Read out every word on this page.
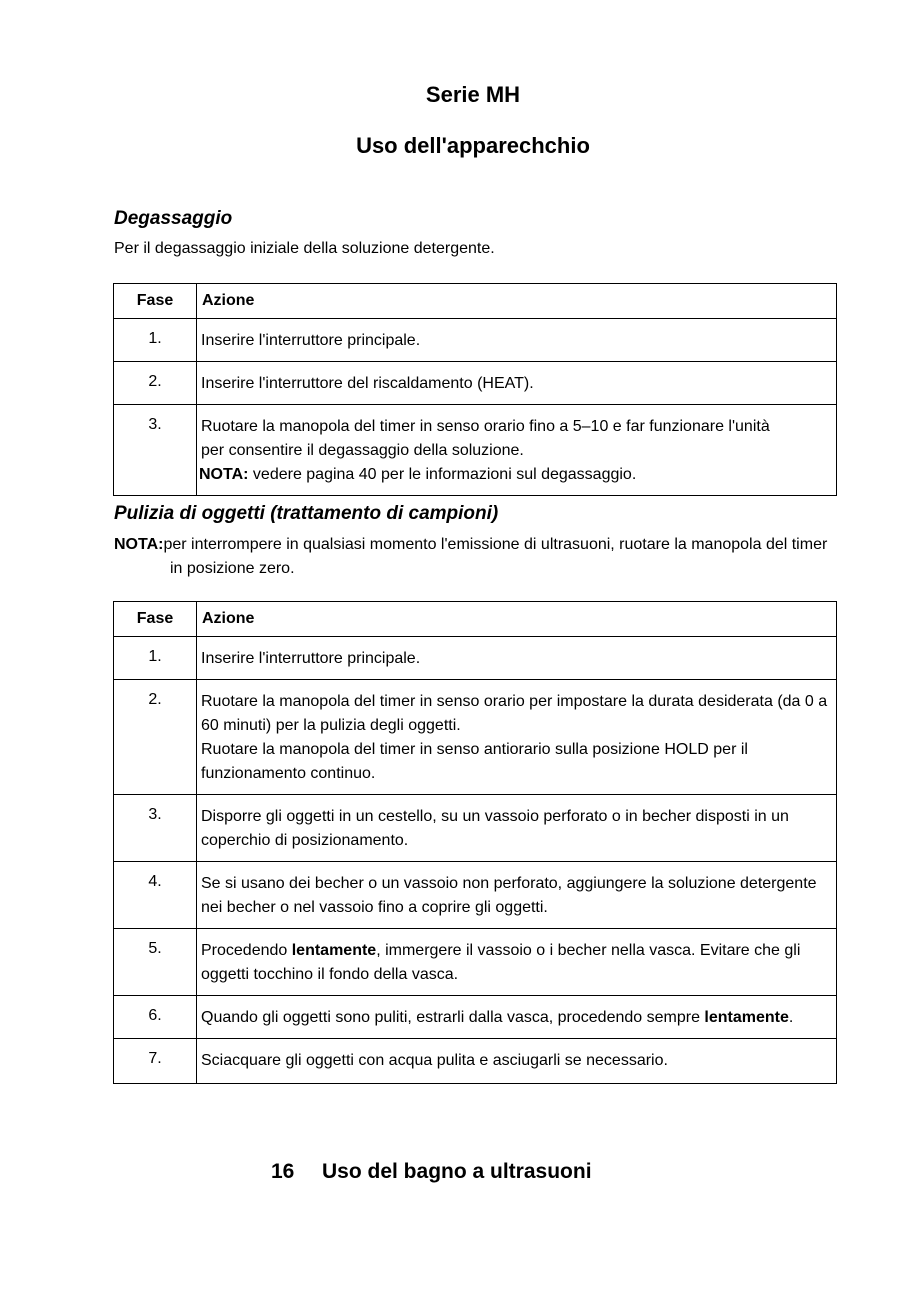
Serie MH
Uso dell'apparechchio
Degassaggio
Per il degassaggio iniziale della soluzione detergente.
Fase	Azione
1.	Inserire l'interruttore principale.

2.	Inserire l'interruttore del riscaldamento (HEAT).

3.	Ruotare la manopola del timer in senso orario fino a 5–10 e far funzionare l'unità
per consentire il degassaggio della soluzione.
NOTA: vedere pagina 40 per le informazioni sul degassaggio.
Pulizia di oggetti (trattamento di campioni)
NOTA:per interrompere in qualsiasi momento l'emissione di ultrasuoni, ruotare la manopola del timer in posizione zero.
Fase	Azione
1.	Inserire l'interruttore principale.
2.	Ruotare la manopola del timer in senso orario per impostare la durata desiderata (da 0 a 60 minuti) per la pulizia degli oggetti.
Ruotare la manopola del timer in senso antiorario sulla posizione HOLD per il funzionamento continuo.

3.	Disporre gli oggetti in un cestello, su un vassoio perforato o in becher disposti in un coperchio di posizionamento.
4.	Se si usano dei becher o un vassoio non perforato, aggiungere la soluzione detergente nei becher o nel vassoio fino a coprire gli oggetti.
5.	Procedendo lentamente, immergere il vassoio o i becher nella vasca. Evitare che gli oggetti tocchino il fondo della vasca.
6.	Quando gli oggetti sono puliti, estrarli dalla vasca, procedendo sempre lentamente.
7.	Sciacquare gli oggetti con acqua pulita e asciugarli se necessario.
16 Uso del bagno a ultrasuoni
